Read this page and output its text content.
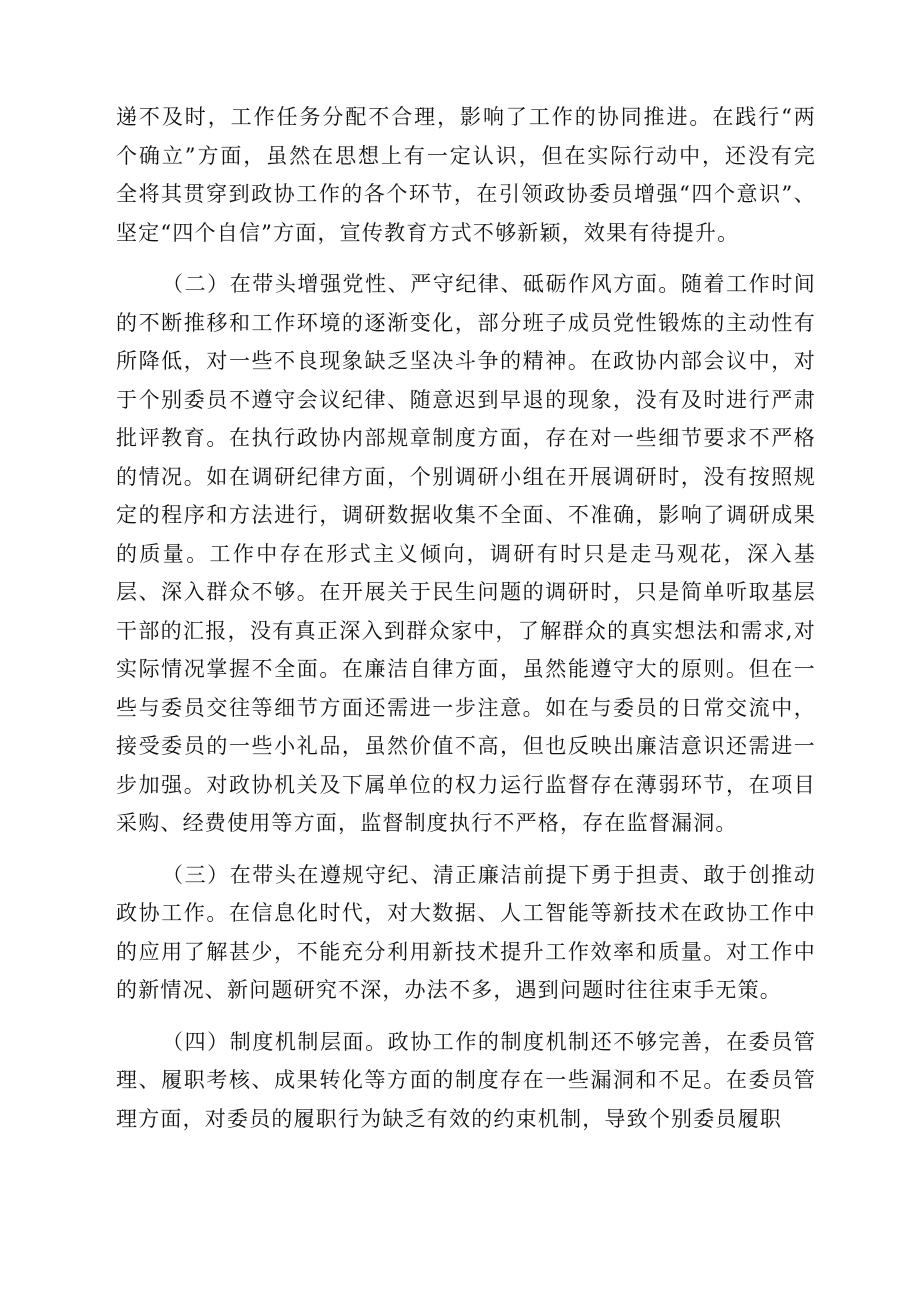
递不及时，工作任务分配不合理，影响了工作的协同推进。在践行“两个确立”方面，虽然在思想上有一定认识，但在实际行动中，还没有完全将其贯穿到政协工作的各个环节，在引领政协委员增强“四个意识”、坚定“四个自信”方面，宣传教育方式不够新颖，效果有待提升。

（二）在带头增强党性、严守纪律、砥砺作风方面。随着工作时间的不断推移和工作环境的逐渐变化，部分班子成员党性锻炼的主动性有所降低，对一些不良现象缺乏坚决斗争的精神。在政协内部会议中，对于个别委员不遵守会议纪律、随意迟到早退的现象，没有及时进行严肃批评教育。在执行政协内部规章制度方面，存在对一些细节要求不严格的情况。如在调研纪律方面，个别调研小组在开展调研时，没有按照规定的程序和方法进行，调研数据收集不全面、不准确，影响了调研成果的质量。工作中存在形式主义倾向，调研有时只是走马观花，深入基层、深入群众不够。在开展关于民生问题的调研时，只是简单听取基层干部的汇报，没有真正深入到群众家中，了解群众的真实想法和需求,对实际情况掌握不全面。在廉洁自律方面，虽然能遵守大的原则。但在一些与委员交往等细节方面还需进一步注意。如在与委员的日常交流中，接受委员的一些小礼品，虽然价值不高，但也反映出廉洁意识还需进一步加强。对政协机关及下属单位的权力运行监督存在薄弱环节，在项目采购、经费使用等方面，监督制度执行不严格，存在监督漏洞。

（三）在带头在遵规守纪、清正廉洁前提下勇于担责、敢于创推动政协工作。在信息化时代，对大数据、人工智能等新技术在政协工作中的应用了解甚少，不能充分利用新技术提升工作效率和质量。对工作中的新情况、新问题研究不深，办法不多，遇到问题时往往束手无策。

（四）制度机制层面。政协工作的制度机制还不够完善，在委员管理、履职考核、成果转化等方面的制度存在一些漏洞和不足。在委员管理方面，对委员的履职行为缺乏有效的约束机制，导致个别委员履职
